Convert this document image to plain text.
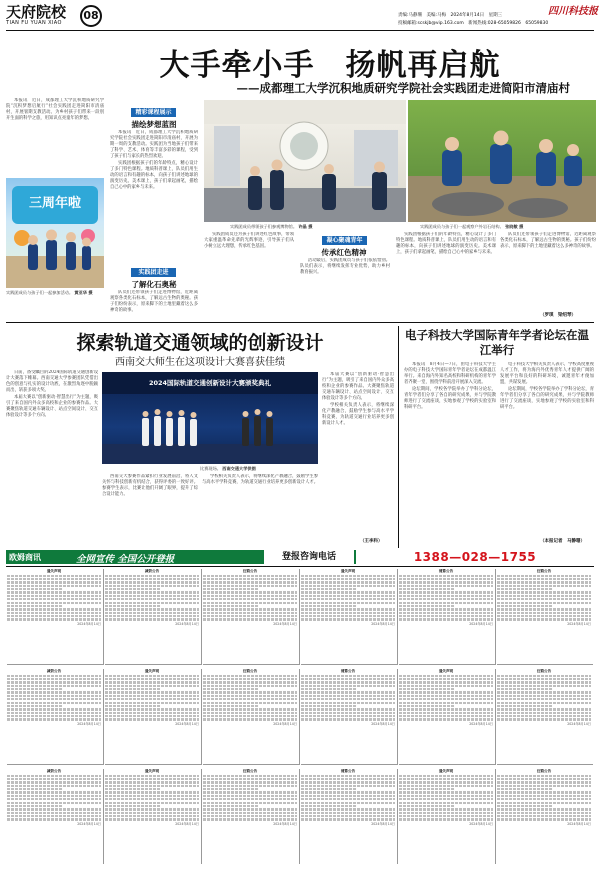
天府院校
TIAN FU YUAN XIAO
08	责编:马静珊　美编:马梅　2024年8月14日　星期三
投稿邮箱:scskjb@vip.163.com　新闻热线:028-65059826　65059830
四川科技报
大手牵小手　扬帆再启航
——成都理工大学沉积地质研究学院社会实践团走进简阳市清庙村

本报讯　近日，成都理工大学沉积地质研究学院“沉积梦想启航行”社会实践团走进简阳市清庙村，开展暑期支教活动。为乡村孩子们带来一段别开生面的科学之旅，用知识点亮童年的梦想。

三周年啦
实践团成员与孩子们一起参加活动。 黄亚华 摄
精彩课程展示
描绘梦想蓝图

本报讯　近日，成都理工大学沉积地质研究学院社会实践团走进简阳市清庙村，开展为期一周的支教活动。实践团为当地孩子们带来了科学、艺术、体育等丰富多彩的课程，受到了孩子们与家长的热烈欢迎。

实践团根据孩子们的年龄特点，精心设计了多门特色课程。地质科普课上，队员们用生动的语言和有趣的标本，向孩子们讲述地球的演变历史。美术课上，孩子们拿起画笔，描绘自己心中的家乡与未来。

实践团走进
了解化石奥秘

队员们还带领孩子们走进博物馆，近距离观察各类化石标本，了解远古生物的奥秘。孩子们纷纷表示，原来脚下的土地里藏着这么多神奇的故事。

实践团成员带领孩子们参观博物馆。 许晶 摄	实践团成员与孩子们一起观察户外岩石结构。 张晓敏 摄

实践团成员还为孩子们讲述红色故事，带领大家重温革命先辈的光辉事迹，引导孩子们从小树立远大理想，传承红色基因。

凝心聚魂青年
传承红色精神

活动最后，实践团成员与孩子们依依惜别。队员们表示，将继续发挥专业优势，助力乡村教育振兴。

实践团根据孩子们的年龄特点，精心设计了多门特色课程。地质科普课上，队员们用生动的语言和有趣的标本，向孩子们讲述地球的演变历史。美术课上，孩子们拿起画笔，描绘自己心中的家乡与未来。

队员们还带领孩子们走进博物馆，近距离观察各类化石标本，了解远古生物的奥秘。孩子们纷纷表示，原来脚下的土地里藏着这么多神奇的故事。

（罗琪　梁绍琴）
探索轨道交通领域的创新设计
西南交大师生在这项设计大赛喜获佳绩

日前，备受瞩目的2024国际轨道交通创新设计大赛落下帷幕。西南交通大学参赛团队凭借出色的创意与扎实的设计功底，在激烈角逐中脱颖而出，斩获多项大奖。

本届大赛以“创新驱动·智慧出行”为主题，吸引了来自国内外众多高校和企业的参赛作品。大赛聚焦轨道交通车辆设计、站点空间设计、交互体验设计等多个方向。

2024国际轨道交通创新设计大赛颁奖典礼
比赛现场。 西南交通大学供图

西南交大参赛作品紧扣行业发展前沿，将人文关怀与科技创新有机结合，获得评委的一致好评。参赛学生表示，比赛让他们开阔了眼界，提升了综合设计能力。

学校相关负责人表示，将继续深化产教融合，鼓励学生参与高水平学科竞赛，为轨道交通行业培养更多创新设计人才。

本届大赛以“创新驱动·智慧出行”为主题，吸引了来自国内外众多高校和企业的参赛作品。大赛聚焦轨道交通车辆设计、站点空间设计、交互体验设计等多个方向。

学校相关负责人表示，将继续深化产教融合，鼓励学生参与高水平学科竞赛，为轨道交通行业培养更多创新设计人才。

（王李科）
电子科技大学国际青年学者论坛在温江举行

本报讯　8月4日—7日，由电子科技大学主办的电子科技大学国际青年学者论坛在成都温江举行。来自海内外知名高校和科研机构的青年学者齐聚一堂，围绕学科前沿开展深入交流。

论坛期间，学校各学院举办了学科分论坛，青年学者们分享了各自的研究成果，并与学院教师进行了交流座谈，实地参观了学校的实验室和科研平台。

电子科技大学相关负责人表示，学校高度重视人才工作，将为海内外优秀青年人才提供广阔的发展平台和良好的科研环境，诚邀青年才俊加盟，共谋发展。

论坛期间，学校各学院举办了学科分论坛，青年学者们分享了各自的研究成果，并与学院教师进行了交流座谈，实地参观了学校的实验室和科研平台。

（本报记者　马静珊）
欧姆商讯	全网宣传 全国公开登报	登报咨询电话	1388—028—1755
遗失声明
2024年8月14日
减资公告
2024年8月14日
注销公告
2024年8月14日
遗失声明
2024年8月14日
清算公告
2024年8月14日
注销公告
2024年8月14日
减资公告
2024年8月14日
遗失声明
2024年8月14日
注销公告
2024年8月14日
清算公告
2024年8月14日
遗失声明
2024年8月14日
注销公告
2024年8月14日
减资公告
2024年8月14日
遗失声明
2024年8月14日
注销公告
2024年8月14日
清算公告
2024年8月14日
遗失声明
2024年8月14日
注销公告
2024年8月14日
